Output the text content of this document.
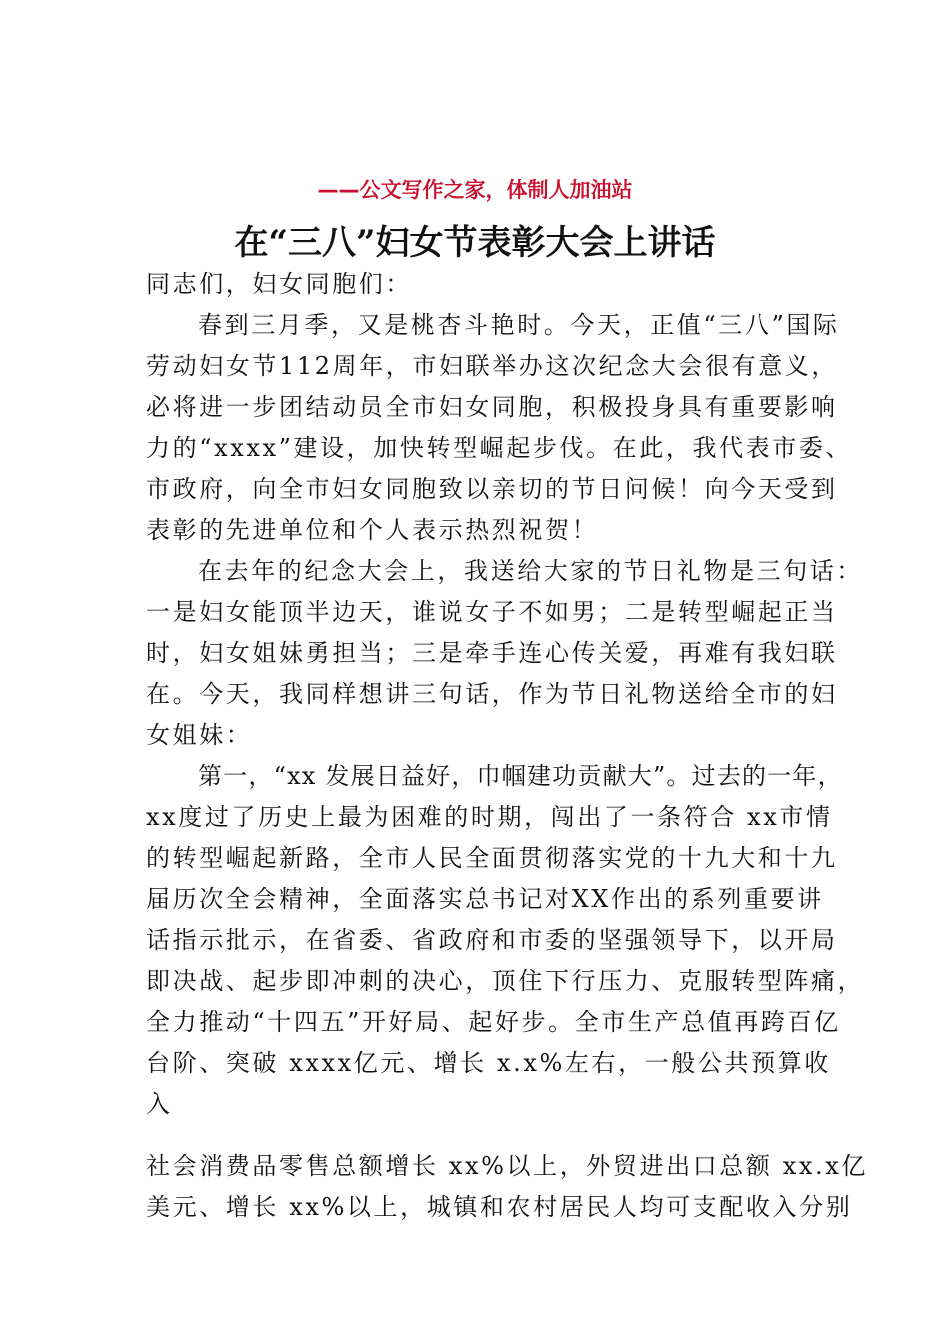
——公文写作之家，体制人加油站
在“三八”妇女节表彰大会上讲话
同志们，妇女同胞们：
春到三月季，又是桃杏斗艳时。今天，正值“三八”国际
劳动妇女节112周年，市妇联举办这次纪念大会很有意义，
必将进一步团结动员全市妇女同胞，积极投身具有重要影响
力的“xxxx”建设，加快转型崛起步伐。在此，我代表市委、
市政府，向全市妇女同胞致以亲切的节日问候！向今天受到
表彰的先进单位和个人表示热烈祝贺！
在去年的纪念大会上，我送给大家的节日礼物是三句话：
一是妇女能顶半边天，谁说女子不如男；二是转型崛起正当
时，妇女姐妹勇担当；三是牵手连心传关爱，再难有我妇联
在。今天，我同样想讲三句话，作为节日礼物送给全市的妇
女姐妹：
第一，“xx 发展日益好，巾帼建功贡献大”。过去的一年，
xx度过了历史上最为困难的时期，闯出了一条符合 xx市情
的转型崛起新路，全市人民全面贯彻落实党的十九大和十九
届历次全会精神，全面落实总书记对XX作出的系列重要讲
话指示批示，在省委、省政府和市委的坚强领导下，以开局
即决战、起步即冲刺的决心，顶住下行压力、克服转型阵痛，
全力推动“十四五”开好局、起好步。全市生产总值再跨百亿
台阶、突破 xxxx亿元、增长 x.x%左右，一般公共预算收
入
社会消费品零售总额增长 xx%以上，外贸进出口总额 xx.x亿
美元、增长 xx%以上，城镇和农村居民人均可支配收入分别
